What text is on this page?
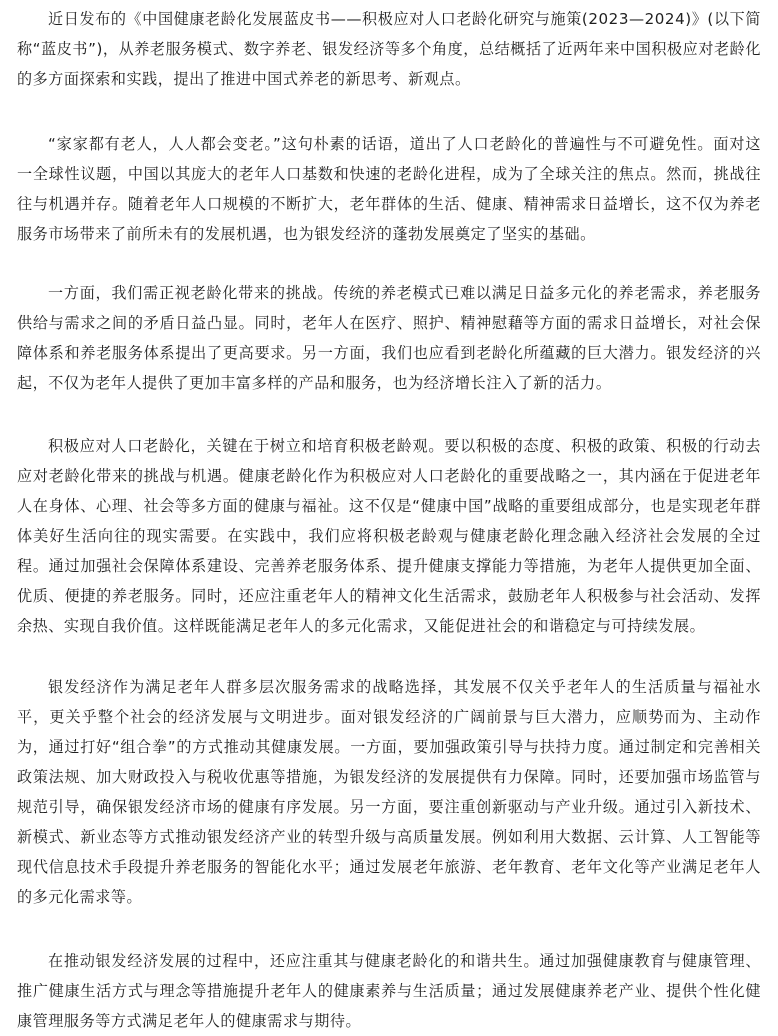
近日发布的《中国健康老龄化发展蓝皮书——积极应对人口老龄化研究与施策(2023—2024)》(以下简称“蓝皮书”)，从养老服务模式、数字养老、银发经济等多个角度，总结概括了近两年来中国积极应对老龄化的多方面探索和实践，提出了推进中国式养老的新思考、新观点。

“家家都有老人，人人都会变老。”这句朴素的话语，道出了人口老龄化的普遍性与不可避免性。面对这一全球性议题，中国以其庞大的老年人口基数和快速的老龄化进程，成为了全球关注的焦点。然而，挑战往往与机遇并存。随着老年人口规模的不断扩大，老年群体的生活、健康、精神需求日益增长，这不仅为养老服务市场带来了前所未有的发展机遇，也为银发经济的蓬勃发展奠定了坚实的基础。

一方面，我们需正视老龄化带来的挑战。传统的养老模式已难以满足日益多元化的养老需求，养老服务供给与需求之间的矛盾日益凸显。同时，老年人在医疗、照护、精神慰藉等方面的需求日益增长，对社会保障体系和养老服务体系提出了更高要求。另一方面，我们也应看到老龄化所蕴藏的巨大潜力。银发经济的兴起，不仅为老年人提供了更加丰富多样的产品和服务，也为经济增长注入了新的活力。

积极应对人口老龄化，关键在于树立和培育积极老龄观。要以积极的态度、积极的政策、积极的行动去应对老龄化带来的挑战与机遇。健康老龄化作为积极应对人口老龄化的重要战略之一，其内涵在于促进老年人在身体、心理、社会等多方面的健康与福祉。这不仅是“健康中国”战略的重要组成部分，也是实现老年群体美好生活向往的现实需要。在实践中，我们应将积极老龄观与健康老龄化理念融入经济社会发展的全过程。通过加强社会保障体系建设、完善养老服务体系、提升健康支撑能力等措施，为老年人提供更加全面、优质、便捷的养老服务。同时，还应注重老年人的精神文化生活需求，鼓励老年人积极参与社会活动、发挥余热、实现自我价值。这样既能满足老年人的多元化需求，又能促进社会的和谐稳定与可持续发展。

银发经济作为满足老年人群多层次服务需求的战略选择，其发展不仅关乎老年人的生活质量与福祉水平，更关乎整个社会的经济发展与文明进步。面对银发经济的广阔前景与巨大潜力，应顺势而为、主动作为，通过打好“组合拳”的方式推动其健康发展。一方面，要加强政策引导与扶持力度。通过制定和完善相关政策法规、加大财政投入与税收优惠等措施，为银发经济的发展提供有力保障。同时，还要加强市场监管与规范引导，确保银发经济市场的健康有序发展。另一方面，要注重创新驱动与产业升级。通过引入新技术、新模式、新业态等方式推动银发经济产业的转型升级与高质量发展。例如利用大数据、云计算、人工智能等现代信息技术手段提升养老服务的智能化水平；通过发展老年旅游、老年教育、老年文化等产业满足老年人的多元化需求等。

在推动银发经济发展的过程中，还应注重其与健康老龄化的和谐共生。通过加强健康教育与健康管理、推广健康生活方式与理念等措施提升老年人的健康素养与生活质量；通过发展健康养老产业、提供个性化健康管理服务等方式满足老年人的健康需求与期待。
